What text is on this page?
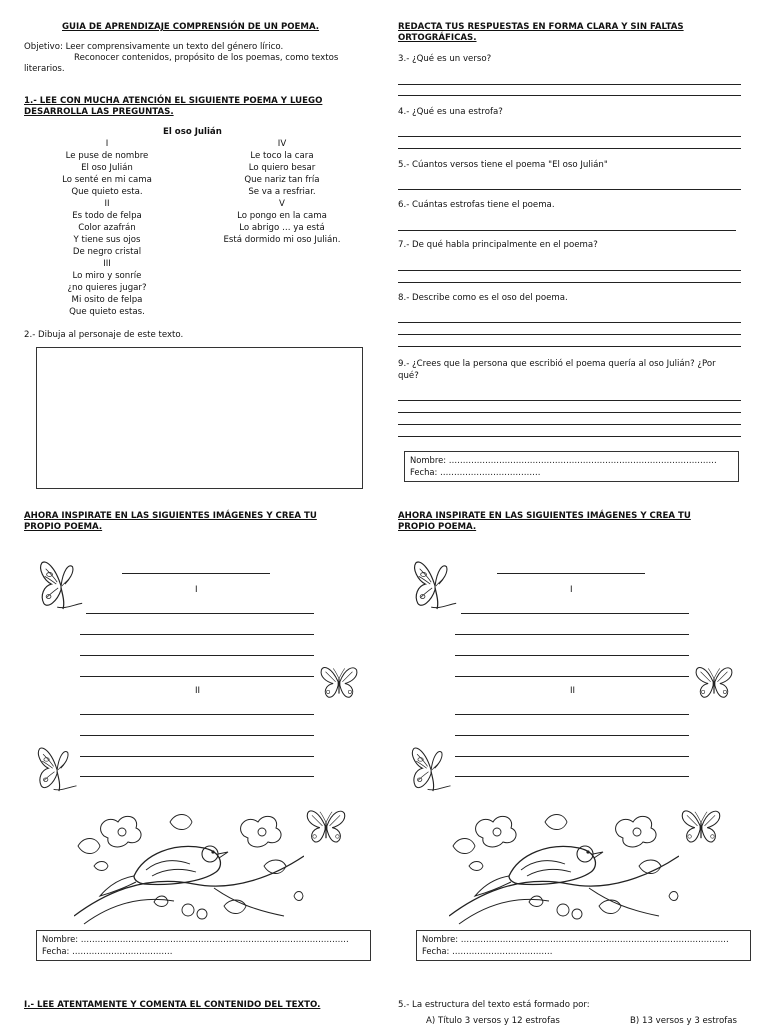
GUIA DE APRENDIZAJE COMPRENSIÓN DE UN POEMA.
Objetivo: Leer comprensivamente un texto del género lírico.
Reconocer contenidos, propósito de los poemas, como textos
literarios.
1.- LEE CON MUCHA ATENCIÓN EL SIGUIENTE POEMA Y LUEGO
DESARROLLA LAS PREGUNTAS.
El oso Julián
I
Le puse de nombre
El oso Julián
Lo senté en mi cama
Que quieto esta.
II
Es todo de felpa
Color azafrán
Y tiene sus ojos
De negro cristal
III
Lo miro y sonríe
¿no quieres jugar?
Mi osito de felpa
Que quieto estas.
IV
Le toco la cara
Lo quiero besar
Que nariz tan fría
Se va a resfriar.
V
Lo pongo en la cama
Lo abrigo … ya está
Está dormido mi oso Julián.
2.- Dibuja al personaje de este texto.
REDACTA TUS RESPUESTAS EN FORMA CLARA Y SIN FALTAS
ORTOGRÁFICAS.
3.- ¿Qué es un verso?
4.- ¿Qué es una estrofa?
5.- Cúantos versos tiene el poema "El oso Julián"
6.- Cuántas estrofas tiene el poema.
7.- De qué habla principalmente en el poema?
8.- Describe como es el oso del poema.
9.- ¿Crees que la persona que escribió el poema quería al oso Julián? ¿Por
qué?
Nombre: ……………………………………………………………………………………
Fecha: ………………………………
AHORA INSPIRATE EN LAS SIGUIENTES IMÁGENES Y CREA TU
PROPIO POEMA.
I
II
Nombre: ……………………………………………………………………………………
Fecha: ………………………………
AHORA INSPIRATE EN LAS SIGUIENTES IMÁGENES Y CREA TU
PROPIO POEMA.
I
II
Nombre: ……………………………………………………………………………………
Fecha: ………………………………
I.- LEE ATENTAMENTE Y COMENTA EL CONTENIDO DEL TEXTO.	5.- La estructura del texto está formado por:
A) Título 3 versos y 12 estrofas	B) 13 versos y 3 estrofas
